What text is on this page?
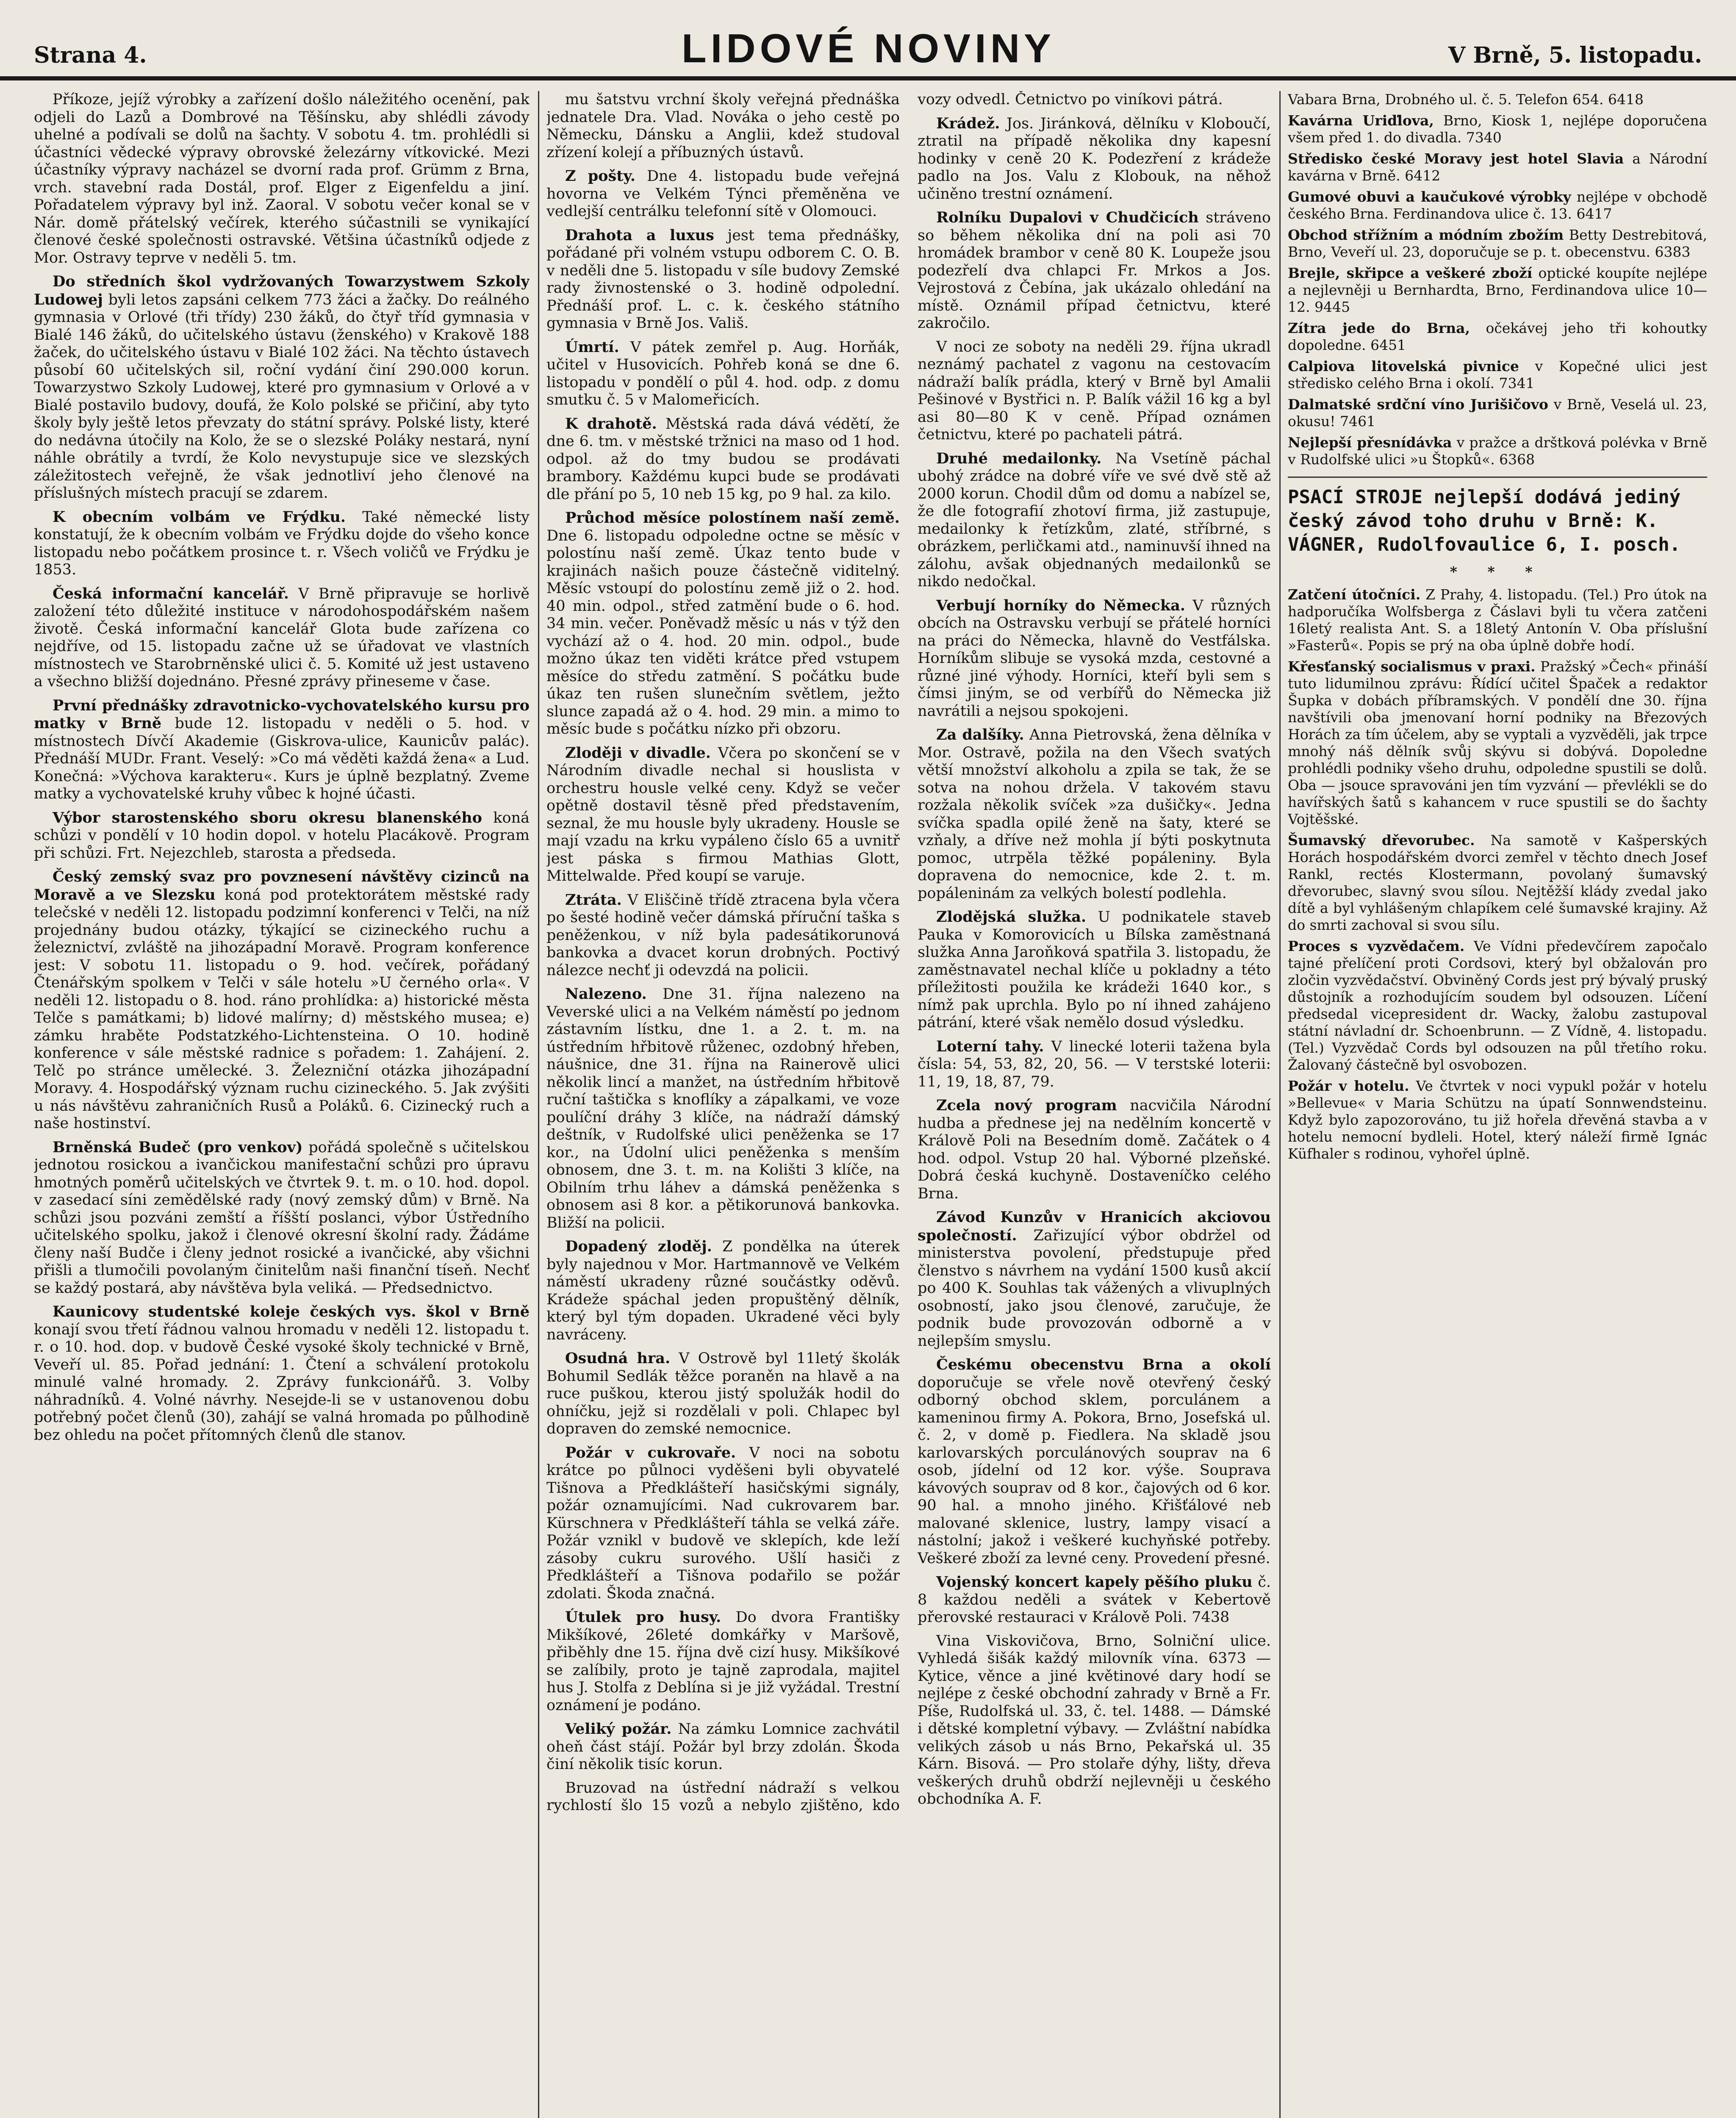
Strana 4.	LIDOVÉ NOVINY	V Brně, 5. listopadu.

Příkoze, jejíž výrobky a zařízení došlo náležitého ocenění, pak odjeli do Lazů a Dombrové na Těšínsku, aby shlédli závody uhelné a podívali se dolů na šachty. V sobotu 4. tm. prohlédli si účastníci vědecké výpravy obrovské železárny vítkovické. Mezi účastníky výpravy nacházel se dvorní rada prof. Grümm z Brna, vrch. stavební rada Dostál, prof. Elger z Eigenfeldu a jiní. Pořadatelem výpravy byl inž. Zaoral. V sobotu večer konal se v Nár. domě přátelský večírek, kterého súčastnili se vynikající členové české společnosti ostravské. Většina účastníků odjede z Mor. Ostravy teprve v neděli 5. tm.

Do středních škol vydržovaných Towarzystwem Szkoly Ludowej byli letos zapsáni celkem 773 žáci a žačky. Do reálného gymnasia v Orlové (tři třídy) 230 žáků, do čtyř tříd gymnasia v Bialé 146 žáků, do učitelského ústavu (ženského) v Krakově 188 žaček, do učitelského ústavu v Bialé 102 žáci. Na těchto ústavech působí 60 učitelských sil, roční vydání činí 290.000 korun. Towarzystwo Szkoly Ludowej, které pro gymnasium v Orlové a v Bialé postavilo budovy, doufá, že Kolo polské se přičiní, aby tyto školy byly ještě letos převzaty do státní správy. Polské listy, které do nedávna útočily na Kolo, že se o slezské Poláky nestará, nyní náhle obrátily a tvrdí, že Kolo nevystupuje sice ve slezských záležitostech veřejně, že však jednotliví jeho členové na příslušných místech pracují se zdarem.

K obecním volbám ve Frýdku. Také německé listy konstatují, že k obecním volbám ve Frýdku dojde do všeho konce listopadu nebo počátkem prosince t. r. Všech voličů ve Frýdku je 1853.

Česká informační kancelář. V Brně připravuje se horlivě založení této důležité instituce v národohospodářském našem životě. Česká informační kancelář Glota bude zařízena co nejdříve, od 15. listopadu začne už se úřadovat ve vlastních místnostech ve Starobrněnské ulici č. 5. Komité už jest ustaveno a všechno bližší dojednáno. Přesné zprávy přineseme v čase.

První přednášky zdravotnicko-vychovatelského kursu pro matky v Brně bude 12. listopadu v neděli o 5. hod. v místnostech Dívčí Akademie (Giskrova-ulice, Kaunicův palác). Přednáší MUDr. Frant. Veselý: »Co má věděti každá žena« a Lud. Konečná: »Výchova karakteru«. Kurs je úplně bezplatný. Zveme matky a vychovatelské kruhy vůbec k hojné účasti.

Výbor starostenského sboru okresu blanenského koná schůzi v pondělí v 10 hodin dopol. v hotelu Placákově. Program při schůzi. Frt. Nejezchleb, starosta a předseda.

Český zemský svaz pro povznesení návštěvy cizinců na Moravě a ve Slezsku koná pod protektorátem městské rady telečské v neděli 12. listopadu podzimní konferenci v Telči, na níž projednány budou otázky, týkající se cizineckého ruchu a železnictví, zvláště na jihozápadní Moravě. Program konference jest: V sobotu 11. listopadu o 9. hod. večírek, pořádaný Čtenářským spolkem v Telči v sále hotelu »U černého orla«. V neděli 12. listopadu o 8. hod. ráno prohlídka: a) historické města Telče s památkami; b) lidové malírny; d) městského musea; e) zámku hraběte Podstatzkého-Lichtensteina. O 10. hodině konference v sále městské radnice s pořadem: 1. Zahájení. 2. Telč po stránce umělecké. 3. Železniční otázka jihozápadní Moravy. 4. Hospodářský význam ruchu cizineckého. 5. Jak zvýšiti u nás návštěvu zahraničních Rusů a Poláků. 6. Cizinecký ruch a naše hostinství.

Brněnská Budeč (pro venkov) pořádá společně s učitelskou jednotou rosickou a ivančickou manifestační schůzi pro úpravu hmotných poměrů učitelských ve čtvrtek 9. t. m. o 10. hod. dopol. v zasedací síni zemědělské rady (nový zemský dům) v Brně. Na schůzi jsou pozváni zemští a říšští poslanci, výbor Ústředního učitelského spolku, jakož i členové okresní školní rady. Žádáme členy naší Budče i členy jednot rosické a ivančické, aby všichni přišli a tlumočili povolaným činitelům naši finanční tíseň. Nechť se každý postará, aby návštěva byla veliká. — Předsednictvo.

Kaunicovy studentské koleje českých vys. škol v Brně konají svou třetí řádnou valnou hromadu v neděli 12. listopadu t. r. o 10. hod. dop. v budově České vysoké školy technické v Brně, Veveří ul. 85. Pořad jednání: 1. Čtení a schválení protokolu minulé valné hromady. 2. Zprávy funkcionářů. 3. Volby náhradníků. 4. Volné návrhy. Nesejde-li se v ustanovenou dobu potřebný počet členů (30), zahájí se valná hromada po půlhodině bez ohledu na počet přítomných členů dle stanov.

mu šatstvu vrchní školy veřejná přednáška jednatele Dra. Vlad. Nováka o jeho cestě po Německu, Dánsku a Anglii, kdež studoval zřízení kolejí a příbuzných ústavů.

Z pošty. Dne 4. listopadu bude veřejná hovorna ve Velkém Týnci přeměněna ve vedlejší centrálku telefonní sítě v Olomouci.

Drahota a luxus jest tema přednášky, pořádané při volném vstupu odborem C. O. B. v neděli dne 5. listopadu v síle budovy Zemské rady živnostenské o 3. hodině odpolední. Přednáší prof. L. c. k. českého státního gymnasia v Brně Jos. Vališ.

Úmrtí. V pátek zemřel p. Aug. Horňák, učitel v Husovicích. Pohřeb koná se dne 6. listopadu v pondělí o půl 4. hod. odp. z domu smutku č. 5 v Malomeřicích.

K drahotě. Městská rada dává védětí, že dne 6. tm. v městské tržnici na maso od 1 hod. odpol. až do tmy budou se prodávati brambory. Každému kupci bude se prodávati dle přání po 5, 10 neb 15 kg, po 9 hal. za kilo.

Průchod měsíce polostínem naší země. Dne 6. listopadu odpoledne octne se měsíc v polostínu naší země. Úkaz tento bude v krajinách našich pouze částečně viditelný. Měsíc vstoupí do polostínu země již o 2. hod. 40 min. odpol., střed zatmění bude o 6. hod. 34 min. večer. Poněvadž měsíc u nás v týž den vychází až o 4. hod. 20 min. odpol., bude možno úkaz ten viděti krátce před vstupem měsíce do středu zatmění. S počátku bude úkaz ten rušen slunečním světlem, ježto slunce zapadá až o 4. hod. 29 min. a mimo to měsíc bude s počátku nízko při obzoru.

Zloději v divadle. Včera po skončení se v Národním divadle nechal si houslista v orchestru housle velké ceny. Když se večer opětně dostavil těsně před představením, seznal, že mu housle byly ukradeny. Housle se mají vzadu na krku vypáleno číslo 65 a uvnitř jest páska s firmou Mathias Glott, Mittelwalde. Před koupí se varuje.

Ztráta. V Eliščině třídě ztracena byla včera po šesté hodině večer dámská příruční taška s peněženkou, v níž byla padesátikorunová bankovka a dvacet korun drobných. Poctivý nálezce nechť ji odevzdá na policii.

Nalezeno. Dne 31. října nalezeno na Veverské ulici a na Velkém náměstí po jednom zástavním lístku, dne 1. a 2. t. m. na ústředním hřbitově růženec, ozdobný hřeben, náušnice, dne 31. října na Rainerově ulici několik lincí a manžet, na ústředním hřbitově ruční taštička s knoflíky a zápalkami, ve voze poulíční dráhy 3 klíče, na nádraží dámský deštník, v Rudolfské ulici peněženka se 17 kor., na Údolní ulici peněženka s menším obnosem, dne 3. t. m. na Kolišti 3 klíče, na Obilním trhu láhev a dámská peněženka s obnosem asi 8 kor. a pětikorunová bankovka. Bližší na policii.

Dopadený zloděj. Z pondělka na úterek byly najednou v Mor. Hartmannově ve Velkém náměstí ukradeny různé součástky oděvů. Krádeže spáchal jeden propuštěný dělník, který byl tým dopaden. Ukradené věci byly navráceny.

Osudná hra. V Ostrově byl 11letý školák Bohumil Sedlák těžce poraněn na hlavě a na ruce puškou, kterou jistý spolužák hodil do ohníčku, jejž si rozdělali v poli. Chlapec byl dopraven do zemské nemocnice.

Požár v cukrovaře. V noci na sobotu krátce po půlnoci vyděšeni byli obyvatelé Tišnova a Předklášteří hasičskými signály, požár oznamujícími. Nad cukrovarem bar. Kürschnera v Předklášteří táhla se velká záře. Požár vznikl v budově ve sklepích, kde leží zásoby cukru surového. Ušlí hasiči z Předklášteří a Tišnova podařilo se požár zdolati. Škoda značná.

Útulek pro husy. Do dvora Františky Mikšíkové, 26leté domkářky v Maršově, přiběhly dne 15. října dvě cizí husy. Mikšíkové se zalíbily, proto je tajně zaprodala, majitel hus J. Stolfa z Deblína si je již vyžádal. Trestní oznámení je podáno.

Veliký požár. Na zámku Lomnice zachvátil oheň část stájí. Požár byl brzy zdolán. Škoda činí několik tisíc korun.

Bruzovad na ústřední nádraží s velkou rychlostí šlo 15 vozů a nebylo zjištěno, kdo vozy odvedl. Četnictvo po viníkovi pátrá.

Krádež. Jos. Jiránková, dělníku v Kloboučí, ztratil na případě několika dny kapesní hodinky v ceně 20 K. Podezření z krádeže padlo na Jos. Valu z Klobouk, na něhož učiněno trestní oznámení.

Rolníku Dupalovi v Chudčicích stráveno so během několika dní na poli asi 70 hromádek brambor v ceně 80 K. Loupeže jsou podezřelí dva chlapci Fr. Mrkos a Jos. Vejrostová z Čebína, jak ukázalo ohledání na místě. Oznámil případ četnictvu, které zakročilo.

V noci ze soboty na neděli 29. října ukradl neznámý pachatel z vagonu na cestovacím nádraží balík prádla, který v Brně byl Amalii Pešinové v Bystřici n. P. Balík vážil 16 kg a byl asi 80—80 K v ceně. Případ oznámen četnictvu, které po pachateli pátrá.

Druhé medailonky. Na Vsetíně páchal ubohý zrádce na dobré víře ve své dvě stě až 2000 korun. Chodil dům od domu a nabízel se, že dle fotografií zhotoví firma, již zastupuje, medailonky k řetízkům, zlaté, stříbrné, s obrázkem, perličkami atd., naminuvší ihned na zálohu, avšak objednaných medailonků se nikdo nedočkal.

Verbují horníky do Německa. V různých obcích na Ostravsku verbují se přátelé horníci na práci do Německa, hlavně do Vestfálska. Horníkům slibuje se vysoká mzda, cestovné a různé jiné výhody. Horníci, kteří byli sem s čímsi jiným, se od verbířů do Německa již navrátili a nejsou spokojeni.

Za dalšíky. Anna Pietrovská, žena dělníka v Mor. Ostravě, požila na den Všech svatých větší množství alkoholu a zpila se tak, že se sotva na nohou držela. V takovém stavu rozžala několik svíček »za dušičky«. Jedna svíčka spadla opilé ženě na šaty, které se vzňaly, a dříve než mohla jí býti poskytnuta pomoc, utrpěla těžké popáleniny. Byla dopravena do nemocnice, kde 2. t. m. popáleninám za velkých bolestí podlehla.

Zlodějská služka. U podnikatele staveb Pauka v Komorovicích u Bílska zaměstnaná služka Anna Jaroňková spatřila 3. listopadu, že zaměstnavatel nechal klíče u pokladny a této příležitosti použila ke krádeži 1640 kor., s nímž pak uprchla. Bylo po ní ihned zahájeno pátrání, které však nemělo dosud výsledku.

Loterní tahy. V linecké loterii tažena byla čísla: 54, 53, 82, 20, 56. — V terstské loterii: 11, 19, 18, 87, 79.

Zcela nový program nacvičila Národní hudba a přednese jej na nedělním koncertě v Králově Poli na Besedním domě. Začátek o 4 hod. odpol. Vstup 20 hal. Výborné plzeňské. Dobrá česká kuchyně. Dostaveníčko celého Brna.

Závod Kunzův v Hranicích akciovou společností. Zařizující výbor obdržel od ministerstva povolení, předstupuje před členstvo s návrhem na vydání 1500 kusů akcií po 400 K. Souhlas tak vážených a vlivuplných osobností, jako jsou členové, zaručuje, že podnik bude provozován odborně a v nejlepším smyslu.

Českému obecenstvu Brna a okolí doporučuje se vřele nově otevřený český odborný obchod sklem, porculánem a kameninou firmy A. Pokora, Brno, Josefská ul. č. 2, v domě p. Fiedlera. Na skladě jsou karlovarských porculánových souprav na 6 osob, jídelní od 12 kor. výše. Souprava kávových souprav od 8 kor., čajových od 6 kor. 90 hal. a mnoho jiného. Křišťálové neb malované sklenice, lustry, lampy visací a nástolní; jakož i veškeré kuchyňské potřeby. Veškeré zboží za levné ceny. Provedení přesné.

Vojenský koncert kapely pěšího pluku č. 8 každou neděli a svátek v Kebertově přerovské restauraci v Králově Poli. 7438

Vina Viskovičova, Brno, Solniční ulice. Vyhledá šišák každý milovník vína. 6373 — Kytice, věnce a jiné květinové dary hodí se nejlépe z české obchodní zahrady v Brně a Fr. Píše, Rudolfská ul. 33, č. tel. 1488. — Dámské i dětské kompletní výbavy. — Zvláštní nabídka velikých zásob u nás Brno, Pekařská ul. 35 Kárn. Bisová. — Pro stolaře dýhy, lišty, dřeva veškerých druhů obdrží nejlevněji u českého obchodníka A. F.

Vabara Brna, Drobného ul. č. 5. Telefon 654. 6418

Kavárna Uriďlova, Brno, Kiosk 1, nejlépe doporučena všem před 1. do divadla. 7340

Středisko české Moravy jest hotel Slavia a Národní kavárna v Brně. 6412

Gumové obuvi a kaučukové výrobky nejlépe v obchodě českého Brna. Ferdinandova ulice č. 13. 6417

Obchod střížním a módním zbožím Betty Destrebitová, Brno, Veveří ul. 23, doporučuje se p. t. obecenstvu. 6383

Brejle, skřipce a veškeré zboží optické koupíte nejlépe a nejlevněji u Bernhardta, Brno, Ferdinandova ulice 10—12. 9445

Zítra jede do Brna, očekávej jeho tři kohoutky dopoledne. 6451

Calpiova litovelská pivnice v Kopečné ulici jest středisko celého Brna i okolí. 7341

Dalmatské srdční víno Jurišičovo v Brně, Veselá ul. 23, okusu! 7461

Nejlepší přesnídávka v pražce a drštková polévka v Brně v Rudolfské ulici »u Štopků«. 6368

PSACÍ STROJE nejlepší dodává jediný český závod toho druhu v Brně: K. VÁGNER, Rudolfovaulice 6, I. posch.
* * *

Zatčení útočníci. Z Prahy, 4. listopadu. (Tel.) Pro útok na hadporučíka Wolfsberga z Čáslavi byli tu včera zatčeni 16letý realista Ant. S. a 18letý Antonín V. Oba příslušní »Fasterů«. Popis se prý na oba úplně dobře hodí.

Křesťanský socialismus v praxi. Pražský »Čech« přináší tuto lidumilnou zprávu: Řídící učitel Špaček a redaktor Šupka v dobách příbramských. V pondělí dne 30. října navštívili oba jmenovaní horní podniky na Březových Horách za tím účelem, aby se vyptali a vyzvěděli, jak trpce mnohý náš dělník svůj skývu si dobývá. Dopoledne prohlédli podniky všeho druhu, odpoledne spustili se dolů. Oba — jsouce spravováni jen tím vyzvání — převlékli se do havířských šatů s kahancem v ruce spustili se do šachty Vojtěšské.

Šumavský dřevorubec. Na samotě v Kašperských Horách hospodářském dvorci zemřel v těchto dnech Josef Rankl, rectés Klostermann, povolaný šumavský dřevorubec, slavný svou sílou. Nejtěžší klády zvedal jako dítě a byl vyhlášeným chlapíkem celé šumavské krajiny. Až do smrti zachoval si svou sílu.

Proces s vyzvědačem. Ve Vídni předevčírem započalo tajné přelíčení proti Cordsovi, který byl obžalován pro zločin vyzvědačství. Obviněný Cords jest prý bývalý pruský důstojník a rozhodujícím soudem byl odsouzen. Líčení předsedal vicepresident dr. Wacky, žalobu zastupoval státní návladní dr. Schoenbrunn. — Z Vídně, 4. listopadu. (Tel.) Vyzvědač Cords byl odsouzen na půl třetího roku. Žalovaný částečně byl osvobozen.

Požár v hotelu. Ve čtvrtek v noci vypukl požár v hotelu »Bellevue« v Maria Schützu na úpatí Sonnwendsteinu. Když bylo zapozorováno, tu již hořela dřevěná stavba a v hotelu nemocní bydleli. Hotel, který náleží firmě Ignác Küfhaler s rodinou, vyhořel úplně.
